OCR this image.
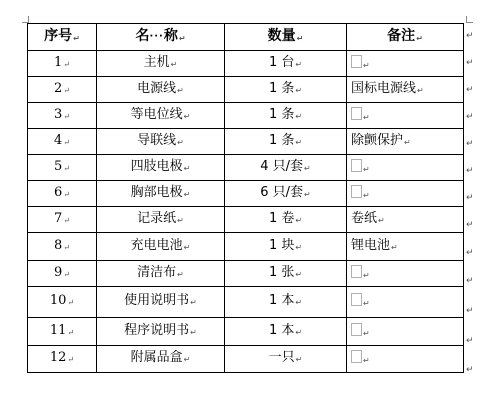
序号↵	名···称↵	数量↵	备注↵
1↵	主机↵	1 台↵	↵
2↵	电源线↵	1 条↵	国标电源线↵
3↵	等电位线↵	1 条↵	↵
4↵	导联线↵	1 条↵	除颤保护↵
5↵	四肢电极↵	4 只/套↵	↵
6↵	胸部电极↵	6 只/套↵	↵
7↵	记录纸↵	1 卷↵	卷纸↵
8↵	充电电池↵	1 块↵	锂电池↵
9↵	清洁布↵	1 张↵	↵
10↵	使用说明书↵	1 本↵	↵
11↵	程序说明书↵	1 本↵	↵
12↵	附属品盒↵	一只↵	↵
↵
↵
↵
↵
↵
↵
↵
↵
↵
↵
↵
↵
↵
